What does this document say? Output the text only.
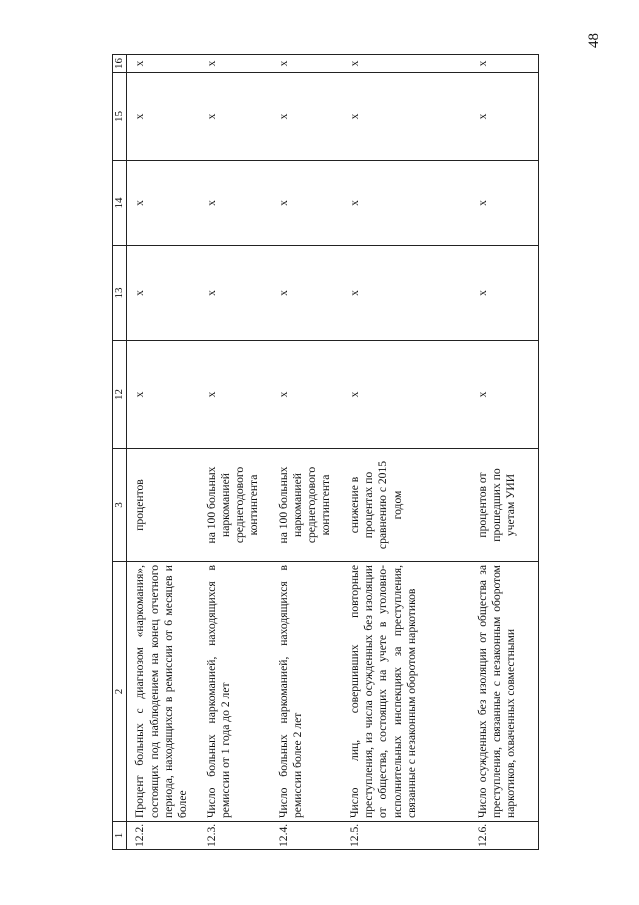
48
1	2	3	12	13	14	15	16
12.2.	Процент больных с диагнозом «наркомания», состоящих под наблюдением на конец отчетного периода, находящихся в ремиссии от 6 месяцев и более	процентов	х	х	х	х	х
12.3.	Число больных наркоманией, находящихся в ремиссии от 1 года до 2 лет	на 100 больных наркоманией среднегодового контингента	х	х	х	х	х
12.4.	Число больных наркоманией, находящихся в ремиссии более 2 лет	на 100 больных наркоманией среднегодового контингента	х	х	х	х	х
12.5.	Число лиц, совершивших повторные преступления, из числа осужденных без изоляции от общества, состоящих на учете в уголовно-исполнительных инспекциях за преступления, связанные с незаконным оборотом наркотиков	снижение в процентах по сравнению с 2015 годом	х	х	х	х	х
12.6.	Число осужденных без изоляции от общества за преступления, связанные с незаконным оборотом наркотиков, охваченных совместными	процентов от прошедших по учетам УИИ	х	х	х	х	х
